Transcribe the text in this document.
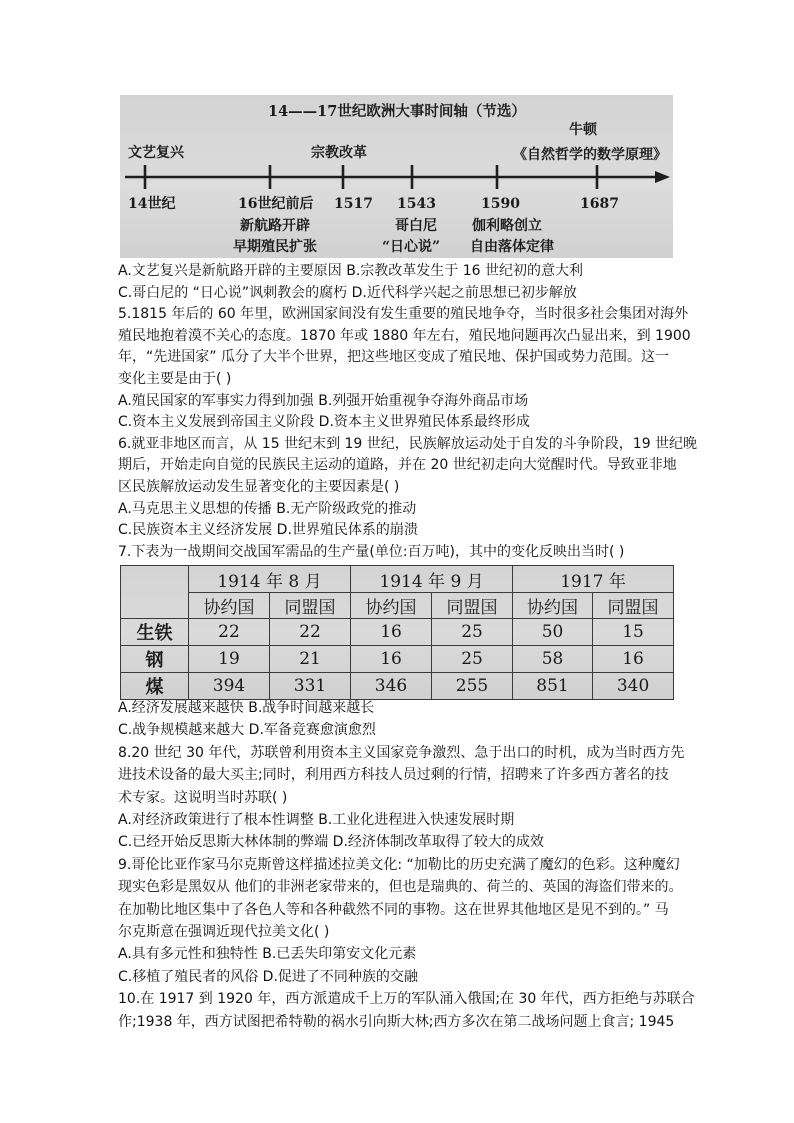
14——17世纪欧洲大事时间轴（节选）
文艺复兴	宗教改革
牛顿
《自然哲学的数学原理》
14世纪	16世纪前后 1517 1543	1590	1687
新航路开辟
早期殖民扩张
哥白尼
“日心说”
伽利略创立
自由落体定律
A.文艺复兴是新航路开辟的主要原因 B.宗教改革发生于 16 世纪初的意大利
C.哥白尼的 “日心说”讽刺教会的腐朽 D.近代科学兴起之前思想已初步解放
5.1815 年后的 60 年里，欧洲国家间没有发生重要的殖民地争夺，当时很多社会集团对海外
殖民地抱着漠不关心的态度。1870 年或 1880 年左右，殖民地问题再次凸显出来，到 1900
年，“先进国家” 瓜分了大半个世界，把这些地区变成了殖民地、保护国或势力范围。这一
变化主要是由于( )
A.殖民国家的军事实力得到加强 B.列强开始重视争夺海外商品市场
C.资本主义发展到帝国主义阶段 D.资本主义世界殖民体系最终形成
6.就亚非地区而言，从 15 世纪末到 19 世纪，民族解放运动处于自发的斗争阶段，19 世纪晚
期后，开始走向自觉的民族民主运动的道路，并在 20 世纪初走向大觉醒时代。导致亚非地
区民族解放运动发生显著变化的主要因素是( )
A.马克思主义思想的传播 B.无产阶级政党的推动
C.民族资本主义经济发展 D.世界殖民体系的崩溃
7.下表为一战期间交战国军需品的生产量(单位:百万吨)，其中的变化反映出当时( )
	1914 年 8 月		1914 年 9 月		1917 年	
	协约国	同盟国	协约国	同盟国	协约国	同盟国
生铁	22	22	16	25	50	15
钢	19	21	16	25	58	16
煤	394	331	346	255	851	340
A.经济发展越来越快 B.战争时间越来越长
C.战争规模越来越大 D.军备竞赛愈演愈烈
8.20 世纪 30 年代，苏联曾利用资本主义国家竞争激烈、急于出口的时机，成为当时西方先
进技术设备的最大买主;同时，利用西方科技人员过剩的行情，招聘来了许多西方著名的技
术专家。这说明当时苏联( )
A.对经济政策进行了根本性调整 B.工业化进程进入快速发展时期
C.已经开始反思斯大林体制的弊端 D.经济体制改革取得了较大的成效
9.哥伦比亚作家马尔克斯曾这样描述拉美文化: “加勒比的历史充满了魔幻的色彩。这种魔幻
现实色彩是黑奴从 他们的非洲老家带来的，但也是瑞典的、荷兰的、英国的海盗们带来的。
在加勒比地区集中了各色人等和各种截然不同的事物。这在世界其他地区是见不到的。” 马
尔克斯意在强调近现代拉美文化( )
A.具有多元性和独特性 B.已丢失印第安文化元素
C.移植了殖民者的风俗 D.促进了不同种族的交融
10.在 1917 到 1920 年，西方派遣成千上万的军队涌入俄国;在 30 年代，西方拒绝与苏联合
作;1938 年，西方试图把希特勒的祸水引向斯大林;西方多次在第二战场问题上食言; 1945
